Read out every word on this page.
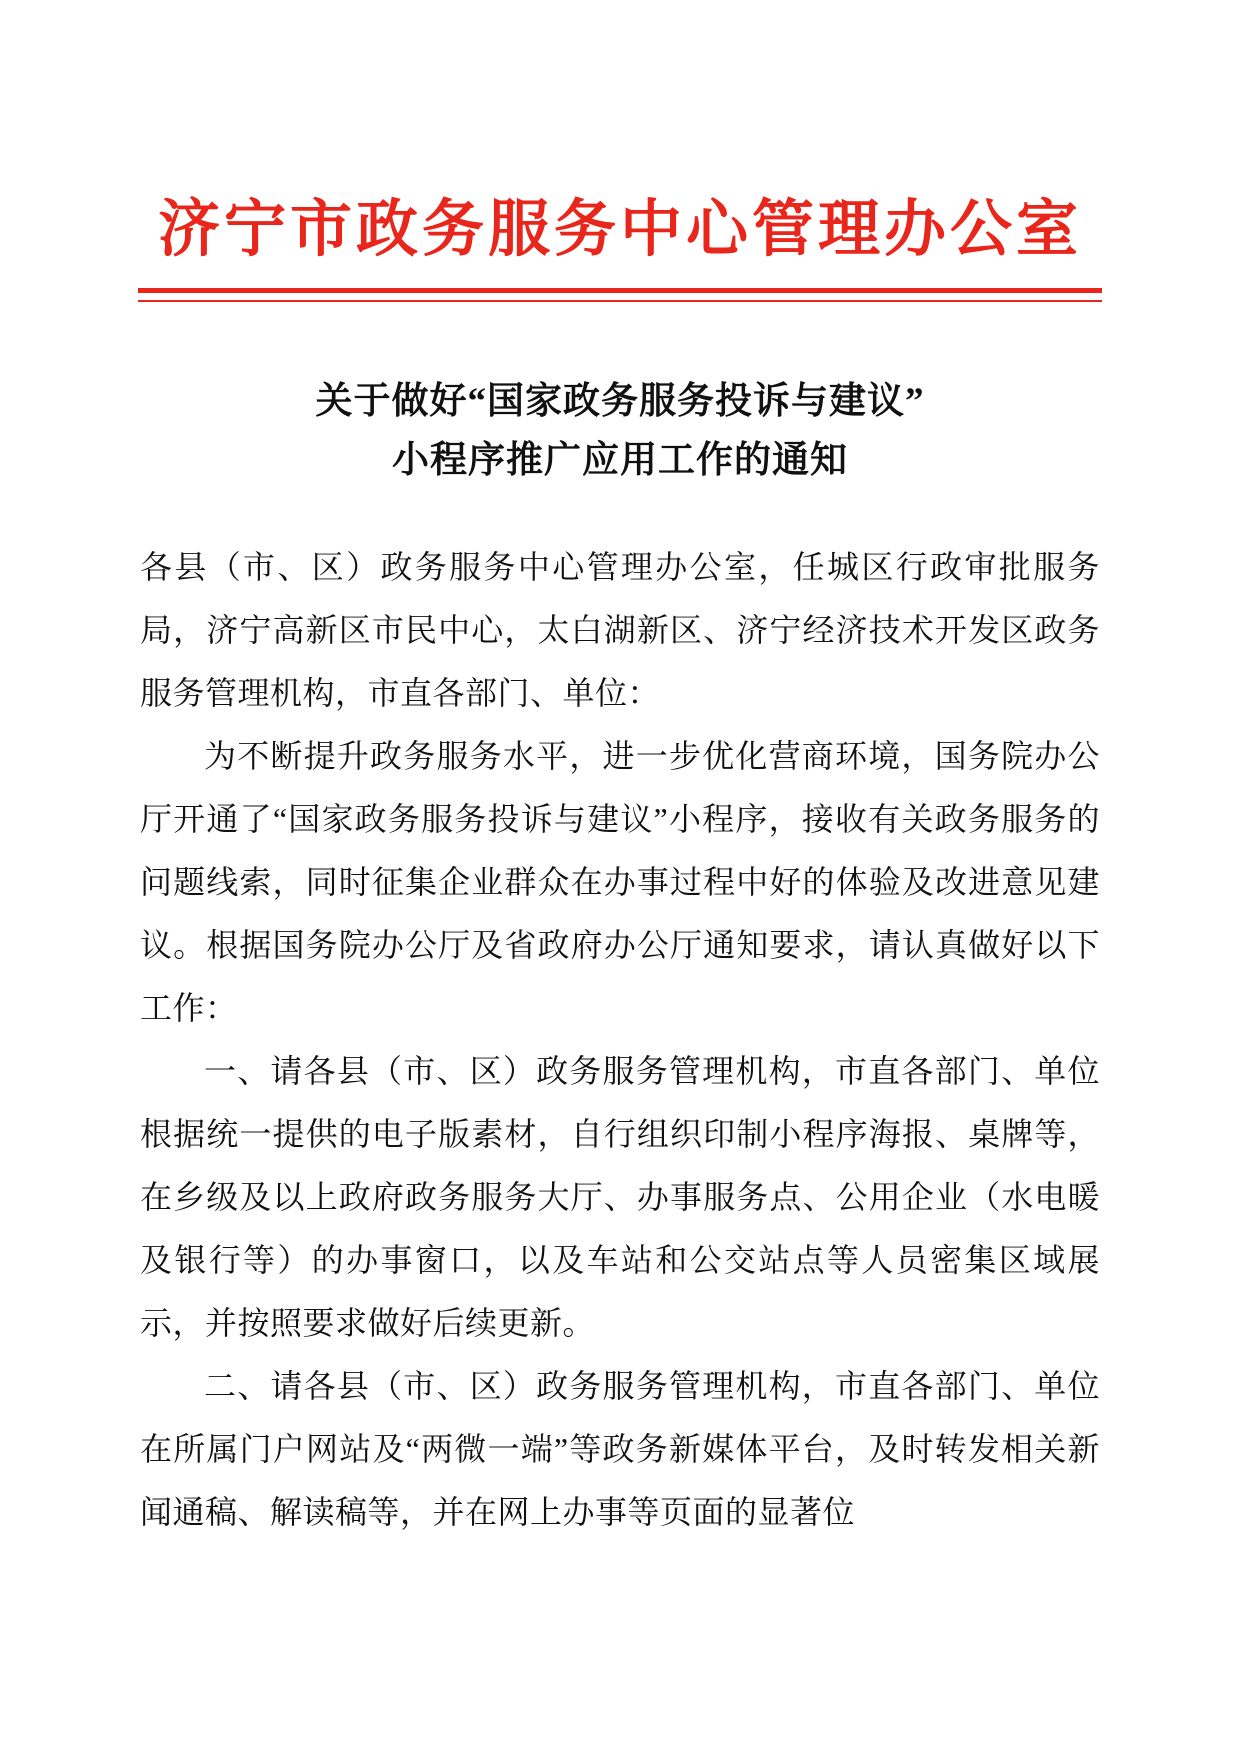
济宁市政务服务中心管理办公室
关于做好“国家政务服务投诉与建议”
小程序推广应用工作的通知

各县（市、区）政务服务中心管理办公室，任城区行政审批服务局，济宁高新区市民中心，太白湖新区、济宁经济技术开发区政务服务管理机构，市直各部门、单位：

为不断提升政务服务水平，进一步优化营商环境，国务院办公厅开通了“国家政务服务投诉与建议”小程序，接收有关政务服务的问题线索，同时征集企业群众在办事过程中好的体验及改进意见建议。根据国务院办公厅及省政府办公厅通知要求，请认真做好以下工作：

一、请各县（市、区）政务服务管理机构，市直各部门、单位根据统一提供的电子版素材，自行组织印制小程序海报、桌牌等，在乡级及以上政府政务服务大厅、办事服务点、公用企业（水电暖及银行等）的办事窗口，以及车站和公交站点等人员密集区域展示，并按照要求做好后续更新。

二、请各县（市、区）政务服务管理机构，市直各部门、单位在所属门户网站及“两微一端”等政务新媒体平台，及时转发相关新闻通稿、解读稿等，并在网上办事等页面的显著位
